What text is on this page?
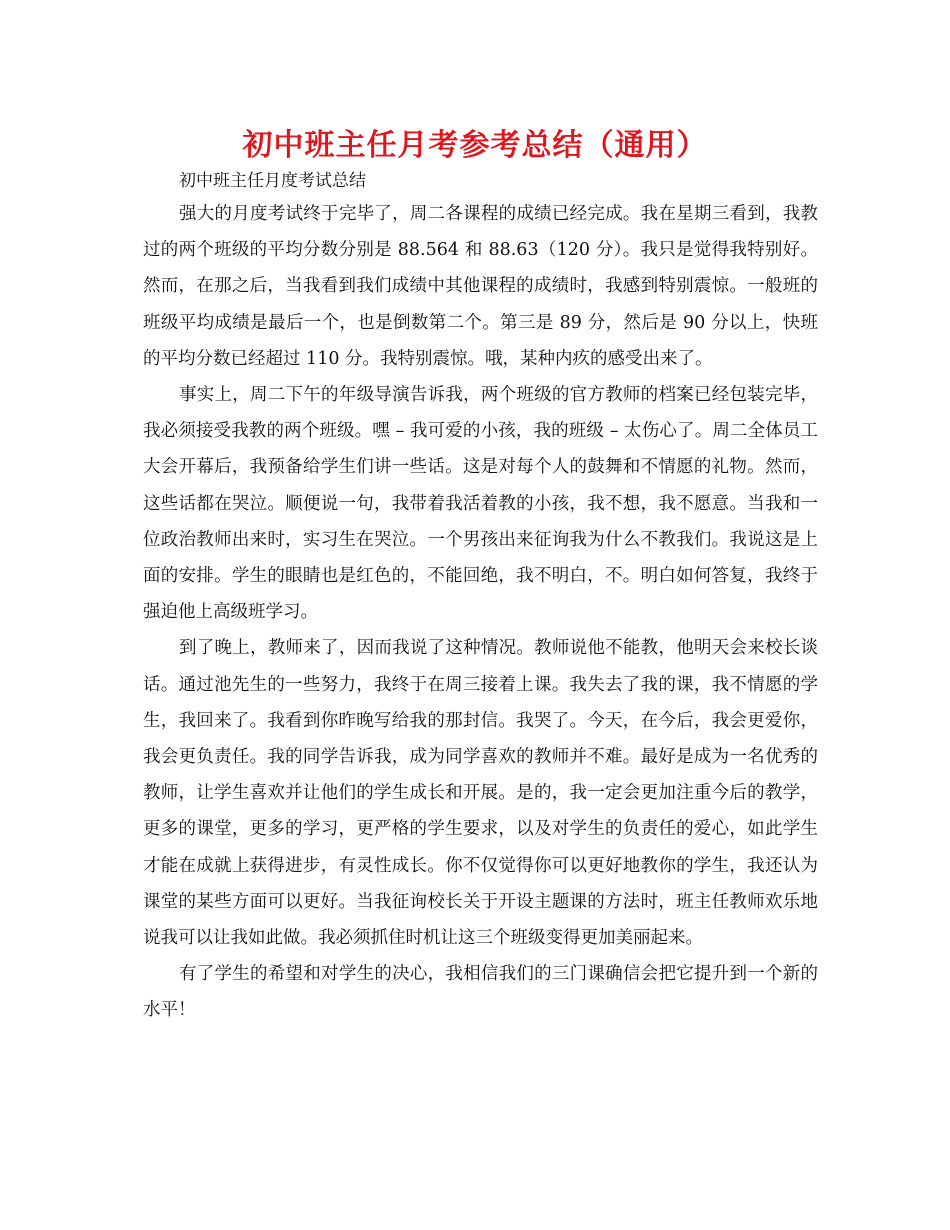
初中班主任月考参考总结（通用）

初中班主任月度考试总结

强大的月度考试终于完毕了，周二各课程的成绩已经完成。我在星期三看到，我教过的两个班级的平均分数分别是 88.564 和 88.63（120 分）。我只是觉得我特别好。然而，在那之后，当我看到我们成绩中其他课程的成绩时，我感到特别震惊。一般班的班级平均成绩是最后一个，也是倒数第二个。第三是 89 分，然后是 90 分以上，快班的平均分数已经超过 110 分。我特别震惊。哦，某种内疚的感受出来了。

事实上，周二下午的年级导演告诉我，两个班级的官方教师的档案已经包装完毕，我必须接受我教的两个班级。嘿 – 我可爱的小孩，我的班级 – 太伤心了。周二全体员工大会开幕后，我预备给学生们讲一些话。这是对每个人的鼓舞和不情愿的礼物。然而，这些话都在哭泣。顺便说一句，我带着我活着教的小孩，我不想，我不愿意。当我和一位政治教师出来时，实习生在哭泣。一个男孩出来征询我为什么不教我们。我说这是上面的安排。学生的眼睛也是红色的，不能回绝，我不明白，不。明白如何答复，我终于强迫他上高级班学习。

到了晚上，教师来了，因而我说了这种情况。教师说他不能教，他明天会来校长谈话。通过池先生的一些努力，我终于在周三接着上课。我失去了我的课，我不情愿的学生，我回来了。我看到你昨晚写给我的那封信。我哭了。今天，在今后，我会更爱你，我会更负责任。我的同学告诉我，成为同学喜欢的教师并不难。最好是成为一名优秀的教师，让学生喜欢并让他们的学生成长和开展。是的，我一定会更加注重今后的教学，更多的课堂，更多的学习，更严格的学生要求，以及对学生的负责任的爱心，如此学生才能在成就上获得进步，有灵性成长。你不仅觉得你可以更好地教你的学生，我还认为课堂的某些方面可以更好。当我征询校长关于开设主题课的方法时，班主任教师欢乐地说我可以让我如此做。我必须抓住时机让这三个班级变得更加美丽起来。

有了学生的希望和对学生的决心，我相信我们的三门课确信会把它提升到一个新的水平！
